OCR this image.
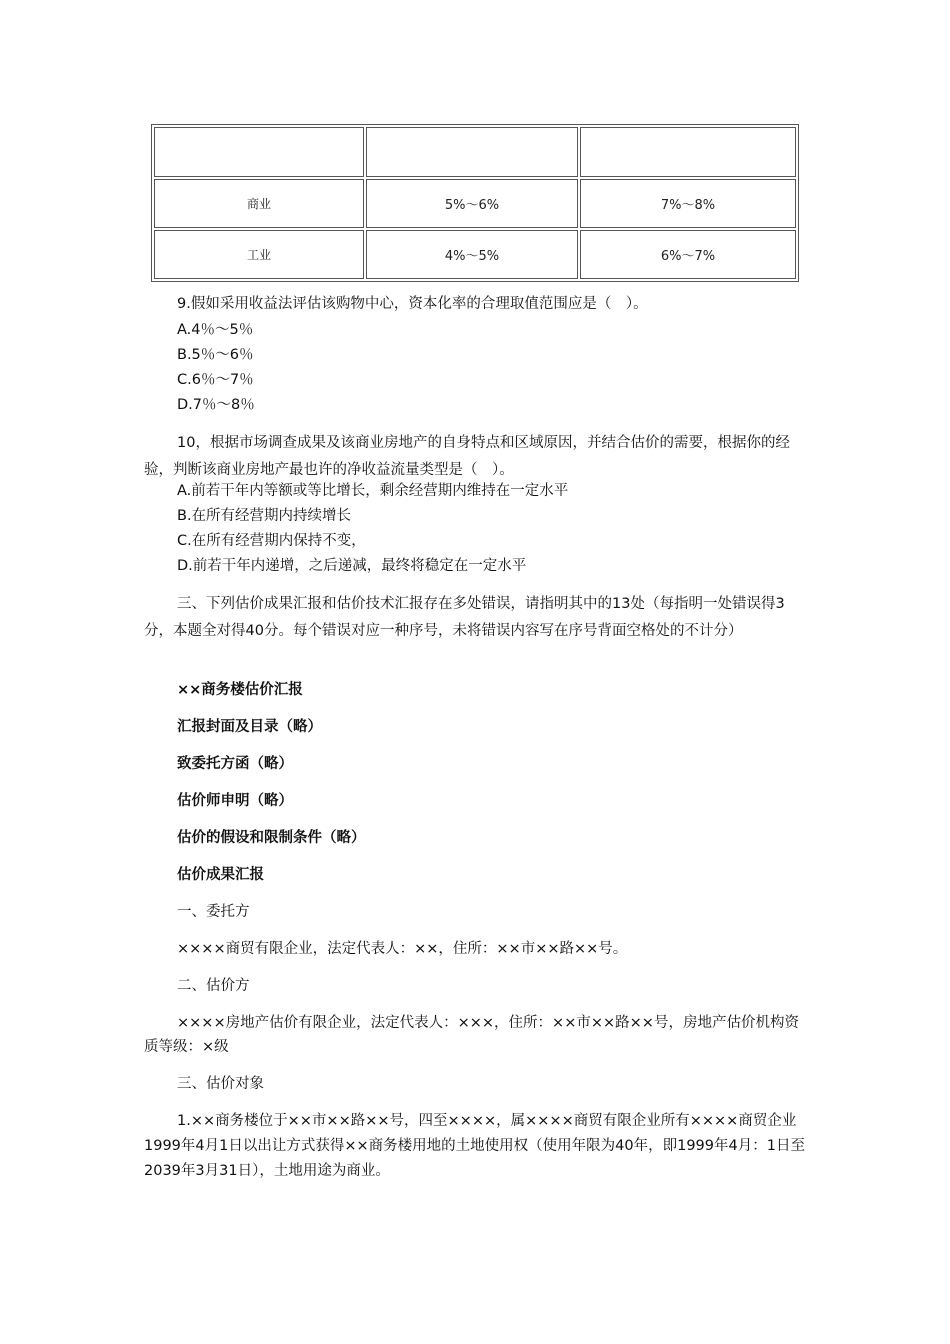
商业	5%～6%	7%～8%
工业	4%～5%	6%～7%

9.假如采用收益法评估该购物中心，资本化率的合理取值范围应是（　）。

A.4％～5％

B.5％～6％

C.6％～7％

D.7％～8％

10，根据市场调查成果及该商业房地产的自身特点和区域原因，并结合估价的需要，根据你的经验，判断该商业房地产最也许的净收益流量类型是（　）。

A.前若干年内等额或等比增长，剩余经营期内维持在一定水平

B.在所有经营期内持续增长

C.在所有经营期内保持不变，

D.前若干年内递增，之后递减，最终将稳定在一定水平

三、下列估价成果汇报和估价技术汇报存在多处错误，请指明其中的13处（每指明一处错误得3分，本题全对得40分。每个错误对应一种序号，未将错误内容写在序号背面空格处的不计分）

××商务楼估价汇报

汇报封面及目录（略）

致委托方函（略）

估价师申明（略）

估价的假设和限制条件（略）

估价成果汇报

一、委托方

××××商贸有限企业，法定代表人：××，住所：××市××路××号。

二、估价方

××××房地产估价有限企业，法定代表人：×××，住所：××市××路××号，房地产估价机构资质等级：×级

三、估价对象

1.××商务楼位于××市××路××号，四至××××，属××××商贸有限企业所有××××商贸企业1999年4月1日以出让方式获得××商务楼用地的土地使用权（使用年限为40年，即1999年4月：1日至2039年3月31日），土地用途为商业。
